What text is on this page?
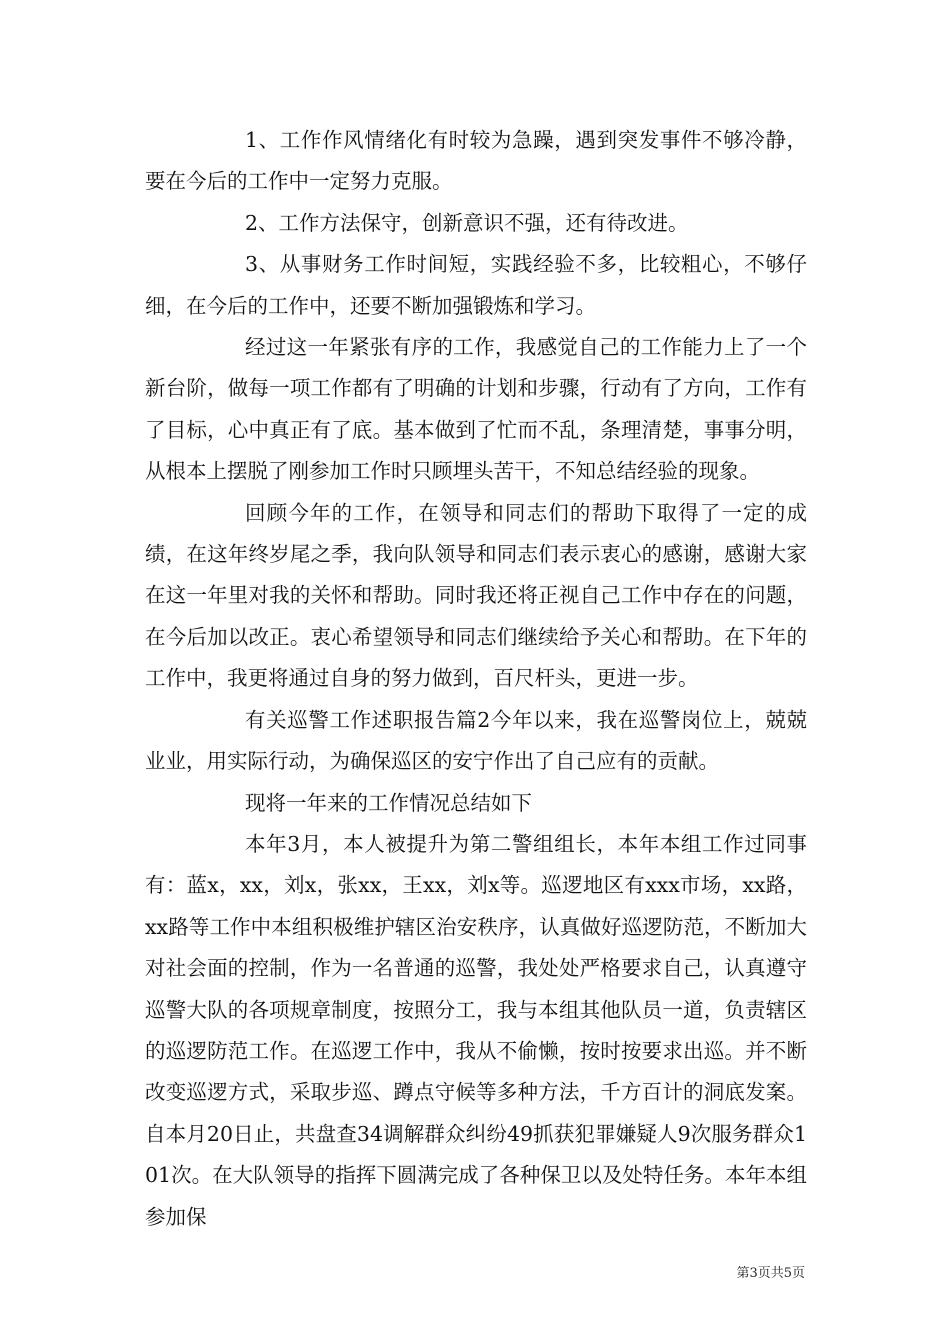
1、工作作风情绪化有时较为急躁，遇到突发事件不够冷静，要在今后的工作中一定努力克服。

2、工作方法保守，创新意识不强，还有待改进。

3、从事财务工作时间短，实践经验不多，比较粗心，不够仔细，在今后的工作中，还要不断加强锻炼和学习。

经过这一年紧张有序的工作，我感觉自己的工作能力上了一个新台阶，做每一项工作都有了明确的计划和步骤，行动有了方向，工作有了目标，心中真正有了底。基本做到了忙而不乱，条理清楚，事事分明，从根本上摆脱了刚参加工作时只顾埋头苦干，不知总结经验的现象。

回顾今年的工作，在领导和同志们的帮助下取得了一定的成绩，在这年终岁尾之季，我向队领导和同志们表示衷心的感谢，感谢大家在这一年里对我的关怀和帮助。同时我还将正视自己工作中存在的问题，在今后加以改正。衷心希望领导和同志们继续给予关心和帮助。在下年的工作中，我更将通过自身的努力做到，百尺杆头，更进一步。

有关巡警工作述职报告篇2今年以来，我在巡警岗位上，兢兢业业，用实际行动，为确保巡区的安宁作出了自己应有的贡献。

现将一年来的工作情况总结如下

本年3月，本人被提升为第二警组组长，本年本组工作过同事有：蓝x，xx，刘x，张xx，王xx，刘x等。巡逻地区有xxx市场，xx路，xx路等工作中本组积极维护辖区治安秩序，认真做好巡逻防范，不断加大对社会面的控制，作为一名普通的巡警，我处处严格要求自己，认真遵守巡警大队的各项规章制度，按照分工，我与本组其他队员一道，负责辖区的巡逻防范工作。在巡逻工作中，我从不偷懒，按时按要求出巡。并不断改变巡逻方式，采取步巡、蹲点守候等多种方法，千方百计的洞底发案。自本月20日止，共盘查34调解群众纠纷49抓获犯罪嫌疑人9次服务群众101次。在大队领导的指挥下圆满完成了各种保卫以及处特任务。本年本组参加保

第3页共5页
